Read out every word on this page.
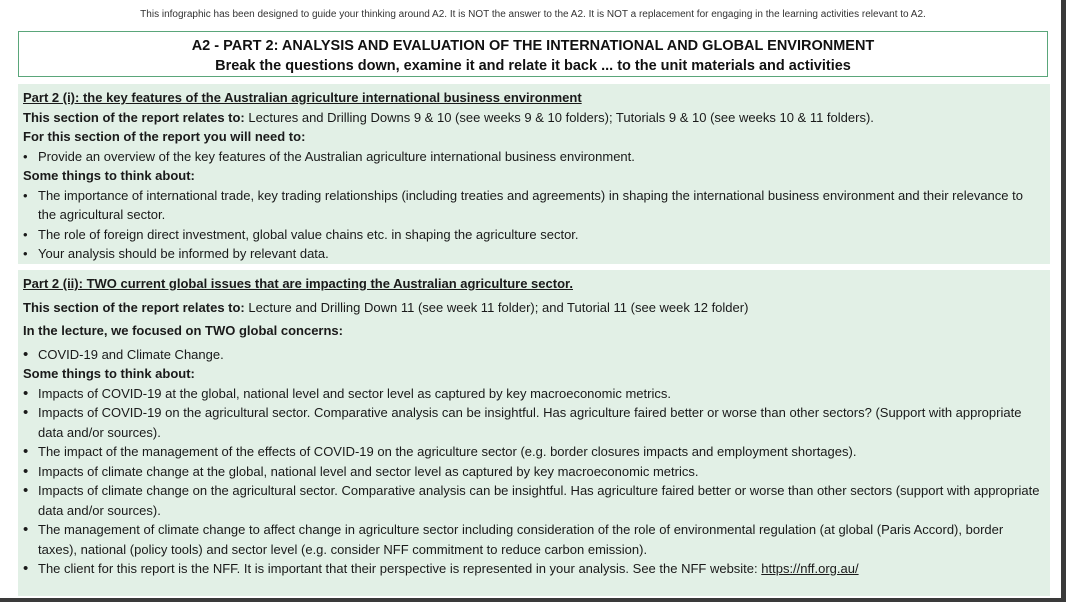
This infographic has been designed to guide your thinking around A2. It is NOT the answer to the A2. It is NOT a replacement for engaging in the learning activities relevant to A2.
A2 - PART 2: ANALYSIS AND EVALUATION OF THE INTERNATIONAL AND GLOBAL ENVIRONMENT
Break the questions down, examine it and relate it back ... to the unit materials and activities
Part 2 (i): the key features of the Australian agriculture international business environment
This section of the report relates to: Lectures and Drilling Downs 9 & 10 (see weeks 9 & 10 folders); Tutorials 9 & 10 (see weeks 10 & 11 folders).
For this section of the report you will need to:
• Provide an overview of the key features of the Australian agriculture international business environment.
Some things to think about:
• The importance of international trade, key trading relationships (including treaties and agreements) in shaping the international business environment and their relevance to the agricultural sector.
• The role of foreign direct investment, global value chains etc. in shaping the agriculture sector.
• Your analysis should be informed by relevant data.
Part 2 (ii): TWO current global issues that are impacting the Australian agriculture sector.
This section of the report relates to: Lecture and Drilling Down 11 (see week 11 folder); and Tutorial 11 (see week 12 folder)
In the lecture, we focused on TWO global concerns:
• COVID-19 and Climate Change.
Some things to think about:
• Impacts of COVID-19 at the global, national level and sector level as captured by key macroeconomic metrics.
• Impacts of COVID-19 on the agricultural sector. Comparative analysis can be insightful. Has agriculture faired better or worse than other sectors? (Support with appropriate data and/or sources).
• The impact of the management of the effects of COVID-19 on the agriculture sector (e.g. border closures impacts and employment shortages).
• Impacts of climate change at the global, national level and sector level as captured by key macroeconomic metrics.
• Impacts of climate change on the agricultural sector. Comparative analysis can be insightful. Has agriculture faired better or worse than other sectors (support with appropriate data and/or sources).
• The management of climate change to affect change in agriculture sector including consideration of the role of environmental regulation (at global (Paris Accord), border taxes), national (policy tools) and sector level (e.g. consider NFF commitment to reduce carbon emission).
• The client for this report is the NFF. It is important that their perspective is represented in your analysis. See the NFF website: https://nff.org.au/
